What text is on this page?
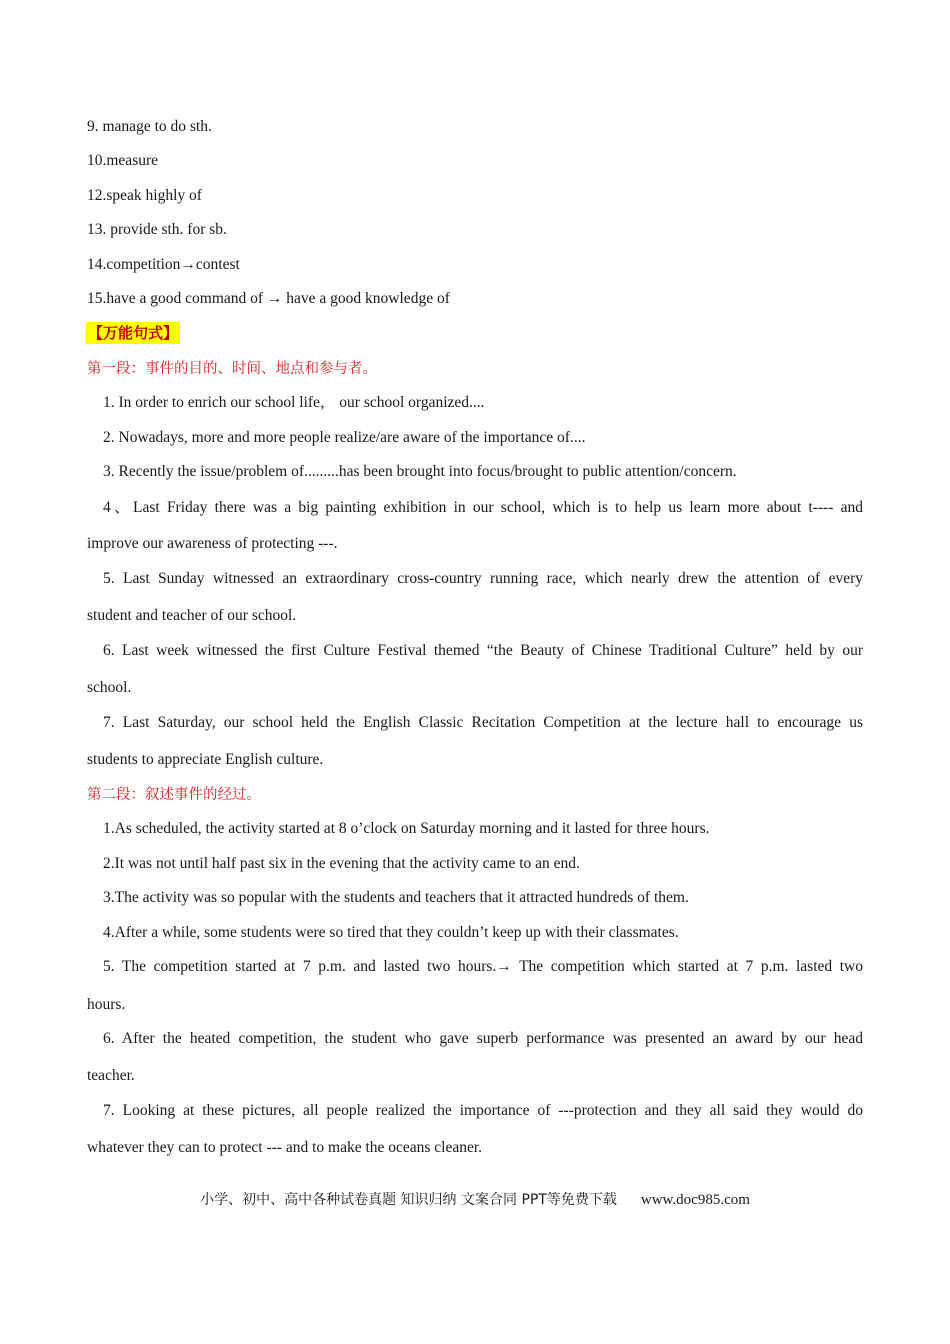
9. manage to do sth.
10.measure
12.speak highly of
13. provide sth. for sb.
14.competition→contest
15.have a good command of → have a good knowledge of
【万能句式】
第一段：事件的目的、时间、地点和参与者。
1. In order to enrich our school life， our school organized....
2. Nowadays, more and more people realize/are aware of the importance of....
3. Recently the issue/problem of.........has been brought into focus/brought to public attention/concern.
4、Last Friday there was a big painting exhibition in our school, which is to help us learn more about t---- and
improve our awareness of protecting ---.
5. Last Sunday witnessed an extraordinary cross-country running race, which nearly drew the attention of every
student and teacher of our school.
6. Last week witnessed the first Culture Festival themed “the Beauty of Chinese Traditional Culture” held by our
school.
7. Last Saturday, our school held the English Classic Recitation Competition at the lecture hall to encourage us
students to appreciate English culture.
第二段：叙述事件的经过。
1.As scheduled, the activity started at 8 o’clock on Saturday morning and it lasted for three hours.
2.It was not until half past six in the evening that the activity came to an end.
3.The activity was so popular with the students and teachers that it attracted hundreds of them.
4.After a while, some students were so tired that they couldn’t keep up with their classmates.
5. The competition started at 7 p.m. and lasted two hours.→ The competition which started at 7 p.m. lasted two
hours.
6. After the heated competition, the student who gave superb performance was presented an award by our head
teacher.
7. Looking at these pictures, all people realized the importance of ---protection and they all said they would do
whatever they can to protect --- and to make the oceans cleaner.
小学、初中、高中各种试卷真题 知识归纳 文案合同 PPT等免费下载 www.doc985.com
